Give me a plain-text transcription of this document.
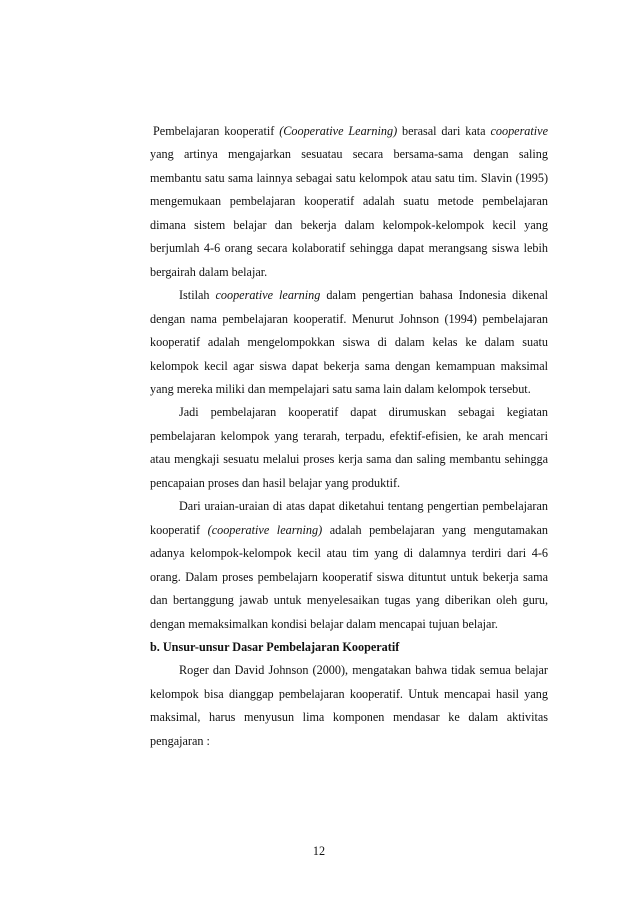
Pembelajaran kooperatif (Cooperative Learning) berasal dari kata cooperative yang artinya mengajarkan sesuatau secara bersama-sama dengan saling membantu satu sama lainnya sebagai satu kelompok atau satu tim. Slavin (1995) mengemukaan pembelajaran kooperatif adalah suatu metode pembelajaran dimana sistem belajar dan bekerja dalam kelompok-kelompok kecil yang berjumlah 4-6 orang secara kolaboratif sehingga dapat merangsang siswa lebih bergairah dalam belajar.

Istilah cooperative learning dalam pengertian bahasa Indonesia dikenal dengan nama pembelajaran kooperatif. Menurut Johnson (1994) pembelajaran kooperatif adalah mengelompokkan siswa di dalam kelas ke dalam suatu kelompok kecil agar siswa dapat bekerja sama dengan kemampuan maksimal yang mereka miliki dan mempelajari satu sama lain dalam kelompok tersebut.

Jadi pembelajaran kooperatif dapat dirumuskan sebagai kegiatan pembelajaran kelompok yang terarah, terpadu, efektif-efisien, ke arah mencari atau mengkaji sesuatu melalui proses kerja sama dan saling membantu sehingga pencapaian proses dan hasil belajar yang produktif.

Dari uraian-uraian di atas dapat diketahui tentang pengertian pembelajaran kooperatif (cooperative learning) adalah pembelajaran yang mengutamakan adanya kelompok-kelompok kecil atau tim yang di dalamnya terdiri dari 4-6 orang. Dalam proses pembelajarn kooperatif siswa dituntut untuk bekerja sama dan bertanggung jawab untuk menyelesaikan tugas yang diberikan oleh guru, dengan memaksimalkan kondisi belajar dalam mencapai tujuan belajar.

b. Unsur-unsur Dasar Pembelajaran Kooperatif

Roger dan David Johnson (2000), mengatakan bahwa tidak semua belajar kelompok bisa dianggap pembelajaran kooperatif. Untuk mencapai hasil yang maksimal, harus menyusun lima komponen mendasar ke dalam aktivitas pengajaran :

12
